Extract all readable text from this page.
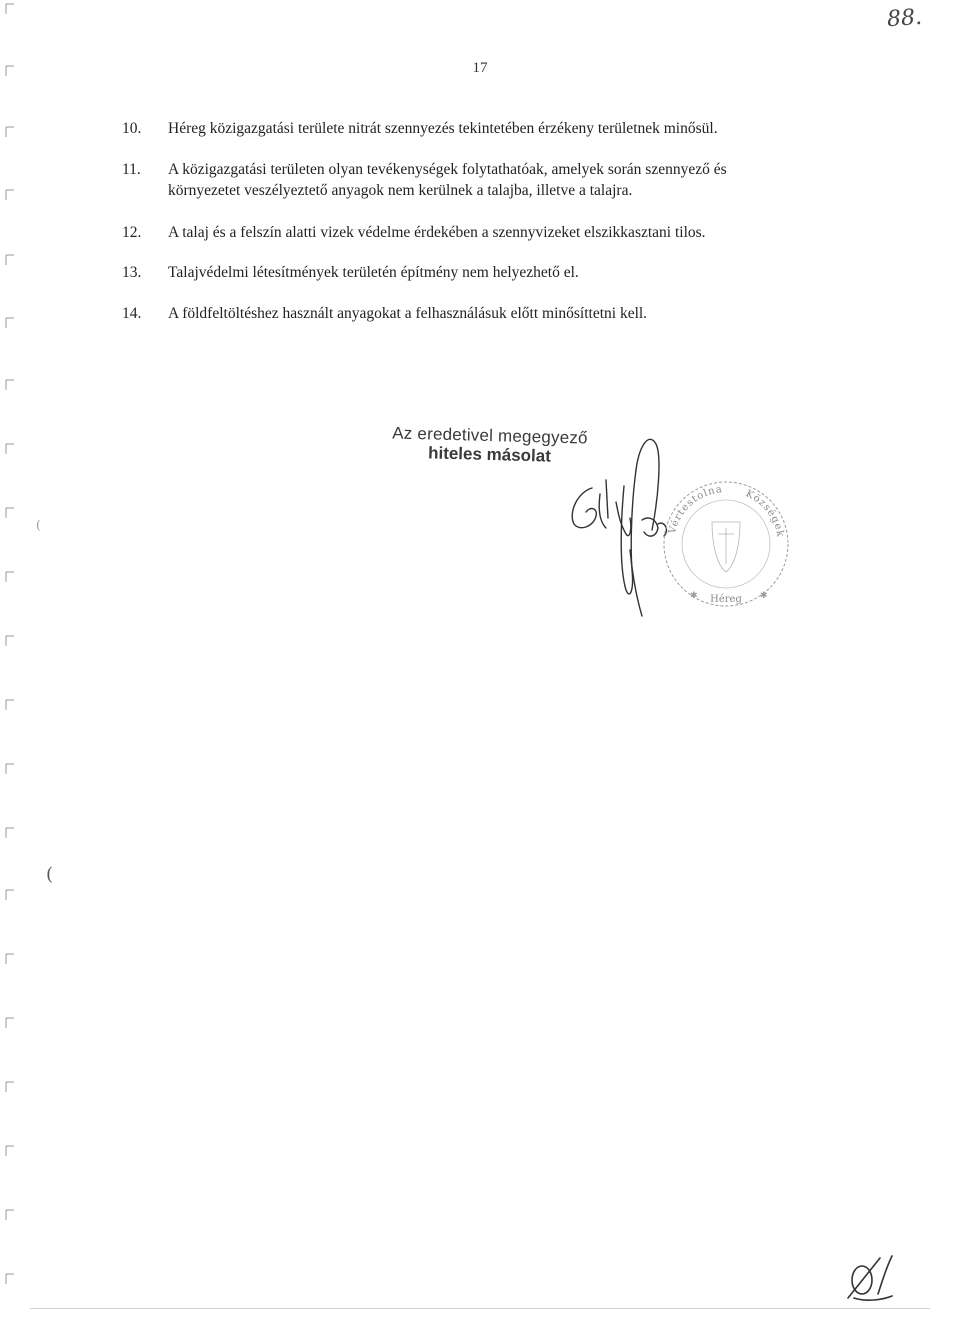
88.
17
10.	Héreg közigazgatási területe nitrát szennyezés tekintetében érzékeny területnek minősül.
11.	A közigazgatási területen olyan tevékenységek folytathatóak, amelyek során szennyező és
környezetet veszélyeztető anyagok nem kerülnek a talajba, illetve a talajra.
12.	A talaj és a felszín alatti vizek védelme érdekében a szennyvizeket elszikkasztani tilos.
13.	Talajvédelmi létesítmények területén építmény nem helyezhető el.
14.	A földfeltöltéshez használt anyagokat a felhasználásuk előtt minősíttetni kell.
Az eredetivel megegyező
hiteles másolat
Vértestolna Községek
Héreg
✱	✱
(
(
